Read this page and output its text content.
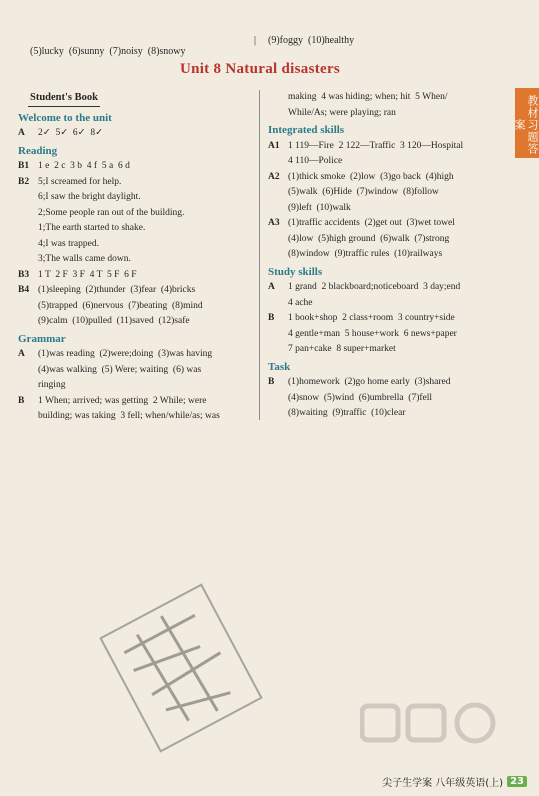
(5)lucky  (6)sunny  (7)noisy  (8)snowy

|

(9)foggy  (10)healthy

Unit 8 Natural disasters
教材习题答案
Student's Book
Welcome to the unit
A	2✓  5✓  6✓  8✓
Reading
B1 1 e  2 c  3 b  4 f  5 a  6 d
B2 5;I screamed for help.
6;I saw the bright daylight.
2;Some people ran out of the building.
1;The earth started to shake.
4;I was trapped.
3;The walls came down.
B3 1 T  2 F  3 F  4 T  5 F  6 F
B4 (1)sleeping  (2)thunder  (3)fear  (4)bricks
(5)trapped  (6)nervous  (7)beating  (8)mind
(9)calm  (10)pulled  (11)saved  (12)safe
Grammar
A	(1)was reading  (2)were;doing  (3)was having
(4)was walking  (5) Were; waiting  (6) was
ringing
B	1 When; arrived; was getting  2 While; were
building; was taking  3 fell; when/while/as; was
making  4 was hiding; when; hit  5 When/
While/As; were playing; ran
Integrated skills
A1 1 119—Fire  2 122—Traffic  3 120—Hospital
4 110—Police
A2 (1)thick smoke  (2)low  (3)go back  (4)high
(5)walk  (6)Hide  (7)window  (8)follow
(9)left  (10)walk
A3 (1)traffic accidents  (2)get out  (3)wet towel
(4)low  (5)high ground  (6)walk  (7)strong
(8)window  (9)traffic rules  (10)railways
Study skills
A	1 grand  2 blackboard;noticeboard  3 day;end
4 ache
B	1 book+shop  2 class+room  3 country+side
4 gentle+man  5 house+work  6 news+paper
7 pan+cake  8 super+market
Task
B	(1)homework  (2)go home early  (3)shared
(4)snow  (5)wind  (6)umbrella  (7)fell
(8)waiting  (9)traffic  (10)clear
尖子生学案 八年级英语(上) 23
